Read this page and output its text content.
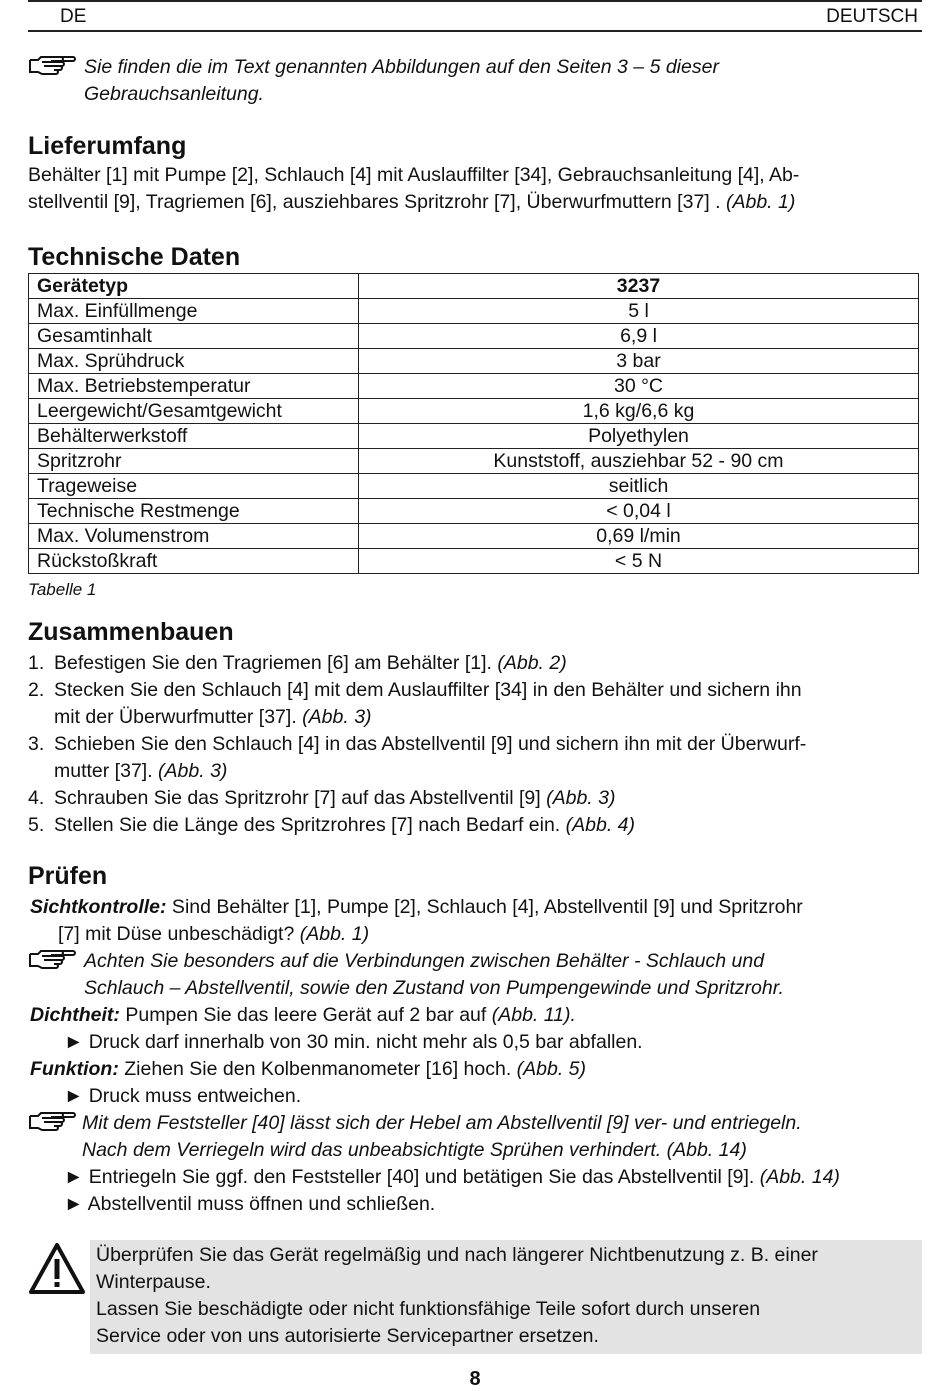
DE	DEUTSCH
Sie finden die im Text genannten Abbildungen auf den Seiten 3 – 5 dieser
Gebrauchsanleitung.
Lieferumfang
Behälter [1] mit Pumpe [2], Schlauch [4] mit Auslauffilter [34], Gebrauchsanleitung [4], Ab-
stellventil [9], Tragriemen [6], ausziehbares Spritzrohr [7], Überwurfmuttern [37] . (Abb. 1)
Technische Daten
Gerätetyp	3237
Max. Einfüllmenge	5 l
Gesamtinhalt	6,9 l
Max. Sprühdruck	3 bar
Max. Betriebstemperatur	30 °C
Leergewicht/Gesamtgewicht	1,6 kg/6,6 kg
Behälterwerkstoff	Polyethylen
Spritzrohr	Kunststoff, ausziehbar 52 - 90 cm
Trageweise	seitlich
Technische Restmenge	< 0,04 l
Max. Volumenstrom	0,69 l/min
Rückstoßkraft	< 5 N
Tabelle 1
Zusammenbauen
1. Befestigen Sie den Tragriemen [6] am Behälter [1]. (Abb. 2)
2. Stecken Sie den Schlauch [4] mit dem Auslauffilter [34] in den Behälter und sichern ihn
mit der Überwurfmutter [37]. (Abb. 3)
3. Schieben Sie den Schlauch [4] in das Abstellventil [9] und sichern ihn mit der Überwurf-
mutter [37]. (Abb. 3)
4. Schrauben Sie das Spritzrohr [7] auf das Abstellventil [9] (Abb. 3)
5. Stellen Sie die Länge des Spritzrohres [7] nach Bedarf ein. (Abb. 4)
Prüfen
Sichtkontrolle: Sind Behälter [1], Pumpe [2], Schlauch [4], Abstellventil [9] und Spritzrohr
[7] mit Düse unbeschädigt? (Abb. 1)
Achten Sie besonders auf die Verbindungen zwischen Behälter - Schlauch und
Schlauch – Abstellventil, sowie den Zustand von Pumpengewinde und Spritzrohr.
Dichtheit: Pumpen Sie das leere Gerät auf 2 bar auf (Abb. 11).
► Druck darf innerhalb von 30 min. nicht mehr als 0,5 bar abfallen.
Funktion: Ziehen Sie den Kolbenmanometer [16] hoch. (Abb. 5)
► Druck muss entweichen.
Mit dem Feststeller [40] lässt sich der Hebel am Abstellventil [9] ver- und entriegeln.
Nach dem Verriegeln wird das unbeabsichtigte Sprühen verhindert. (Abb. 14)
► Entriegeln Sie ggf. den Feststeller [40] und betätigen Sie das Abstellventil [9]. (Abb. 14)
► Abstellventil muss öffnen und schließen.
Überprüfen Sie das Gerät regelmäßig und nach längerer Nichtbenutzung z. B. einer
Winterpause.
Lassen Sie beschädigte oder nicht funktionsfähige Teile sofort durch unseren
Service oder von uns autorisierte Servicepartner ersetzen.
8
